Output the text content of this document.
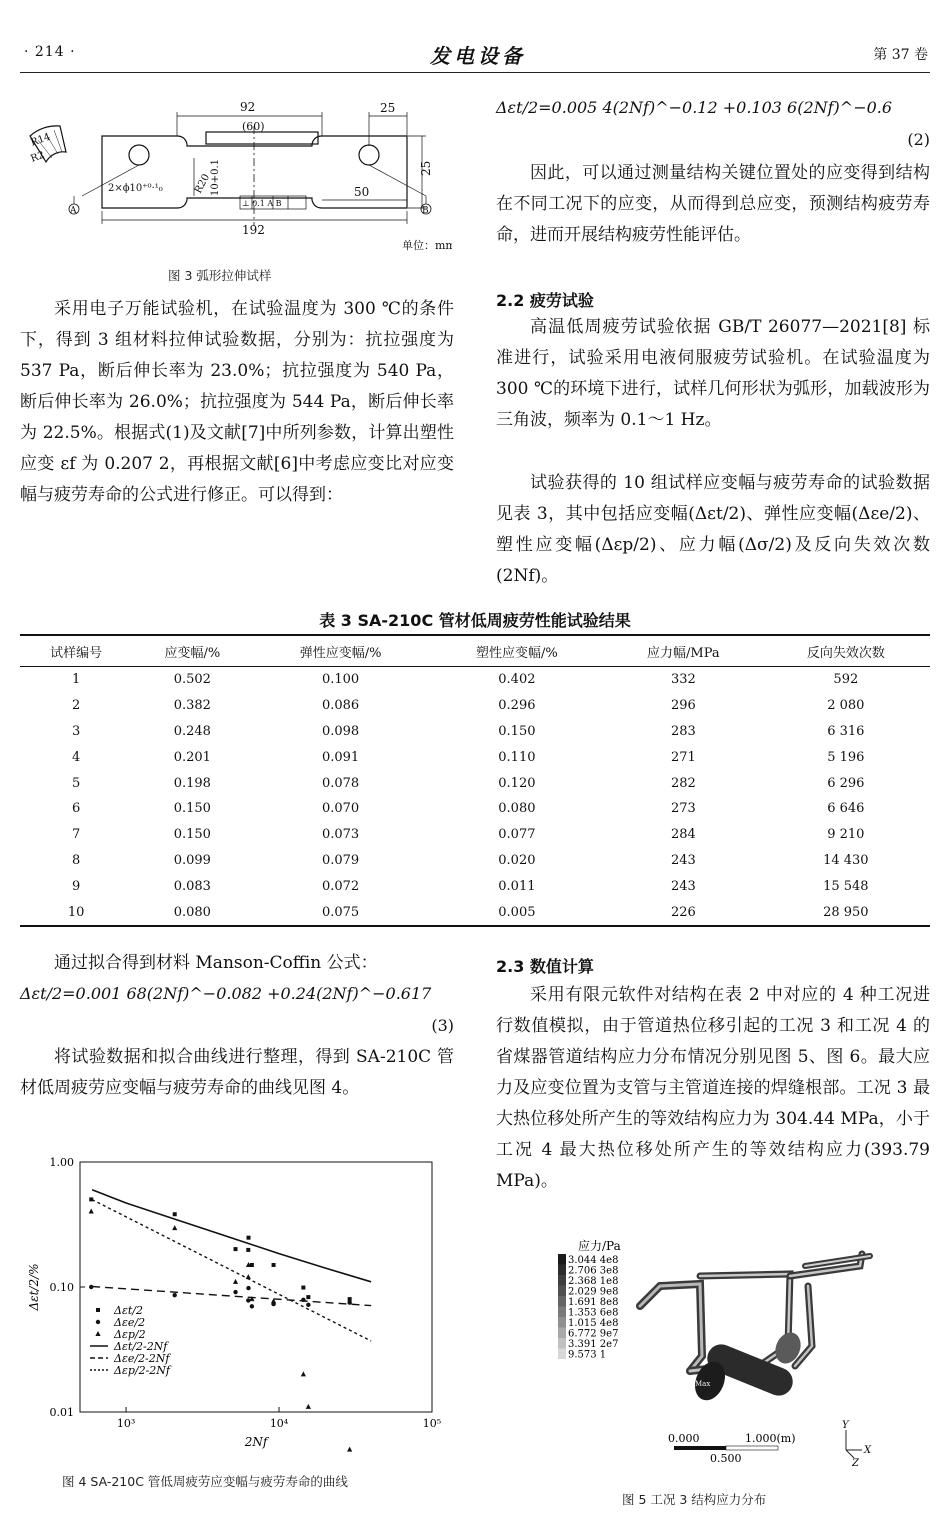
· 214 ·	发电设备	第 37 卷
92
(60)
25
25
50
192
10+0.1
R20
R14
R2
2×ϕ10⁺⁰·¹₀
⊥ 0.1 A B
A	B
单位：mm
图 3 弧形拉伸试样

采用电子万能试验机，在试验温度为 300 ℃的条件下，得到 3 组材料拉伸试验数据，分别为：抗拉强度为 537 Pa，断后伸长率为 23.0%；抗拉强度为 540 Pa，断后伸长率为 26.0%；抗拉强度为 544 Pa，断后伸长率为 22.5%。根据式(1)及文献[7]中所列参数，计算出塑性应变 εf 为 0.207 2，再根据文献[6]中考虑应变比对应变幅与疲劳寿命的公式进行修正。可以得到：

Δεt/2=0.005 4(2Nf)^−0.12 +0.103 6(2Nf)^−0.6
(2)

因此，可以通过测量结构关键位置处的应变得到结构在不同工况下的应变，从而得到总应变，预测结构疲劳寿命，进而开展结构疲劳性能评估。

2.2 疲劳试验

高温低周疲劳试验依据 GB/T 26077—2021[8] 标准进行，试验采用电液伺服疲劳试验机。在试验温度为 300 ℃的环境下进行，试样几何形状为弧形，加载波形为三角波，频率为 0.1～1 Hz。

试验获得的 10 组试样应变幅与疲劳寿命的试验数据见表 3，其中包括应变幅(Δεt/2)、弹性应变幅(Δεe/2)、塑性应变幅(Δεp/2)、应力幅(Δσ/2)及反向失效次数(2Nf)。

表 3 SA-210C 管材低周疲劳性能试验结果
试样编号	应变幅/%	弹性应变幅/%	塑性应变幅/%	应力幅/MPa	反向失效次数
1	0.502	0.100	0.402	332	592
2	0.382	0.086	0.296	296	2 080
3	0.248	0.098	0.150	283	6 316
4	0.201	0.091	0.110	271	5 196
5	0.198	0.078	0.120	282	6 296
6	0.150	0.070	0.080	273	6 646
7	0.150	0.073	0.077	284	9 210
8	0.099	0.079	0.020	243	14 430
9	0.083	0.072	0.011	243	15 548
10	0.080	0.075	0.005	226	28 950

通过拟合得到材料 Manson-Coffin 公式：

Δεt/2=0.001 68(2Nf)^−0.082 +0.24(2Nf)^−0.617
(3)

将试验数据和拟合曲线进行整理，得到 SA-210C 管材低周疲劳应变幅与疲劳寿命的曲线见图 4。

0.01
0.10
1.00
10³	10⁴	10⁵
2Nf
Δεt/2/%	Δεt/2
Δεe/2
Δεp/2
Δεt/2-2Nf
Δεe/2-2Nf
Δεp/2-2Nf
图 4 SA-210C 管低周疲劳应变幅与疲劳寿命的曲线
2.3 数值计算

采用有限元软件对结构在表 2 中对应的 4 种工况进行数值模拟，由于管道热位移引起的工况 3 和工况 4 的省煤器管道结构应力分布情况分别见图 5、图 6。最大应力及应变位置为支管与主管道连接的焊缝根部。工况 3 最大热位移处所产生的等效结构应力为 304.44 MPa，小于工况 4 最大热位移处所产生的等效结构应力(393.79 MPa)。

应力/Pa
3.044 4e8
2.706 3e8
2.368 1e8
2.029 9e8
1.691 8e8
1.353 6e8
1.015 4e8
6.772 9e7
3.391 2e7
9.573 1
Max
0.000	1.000(m)
0.500
Y
X
Z
图 5 工况 3 结构应力分布
